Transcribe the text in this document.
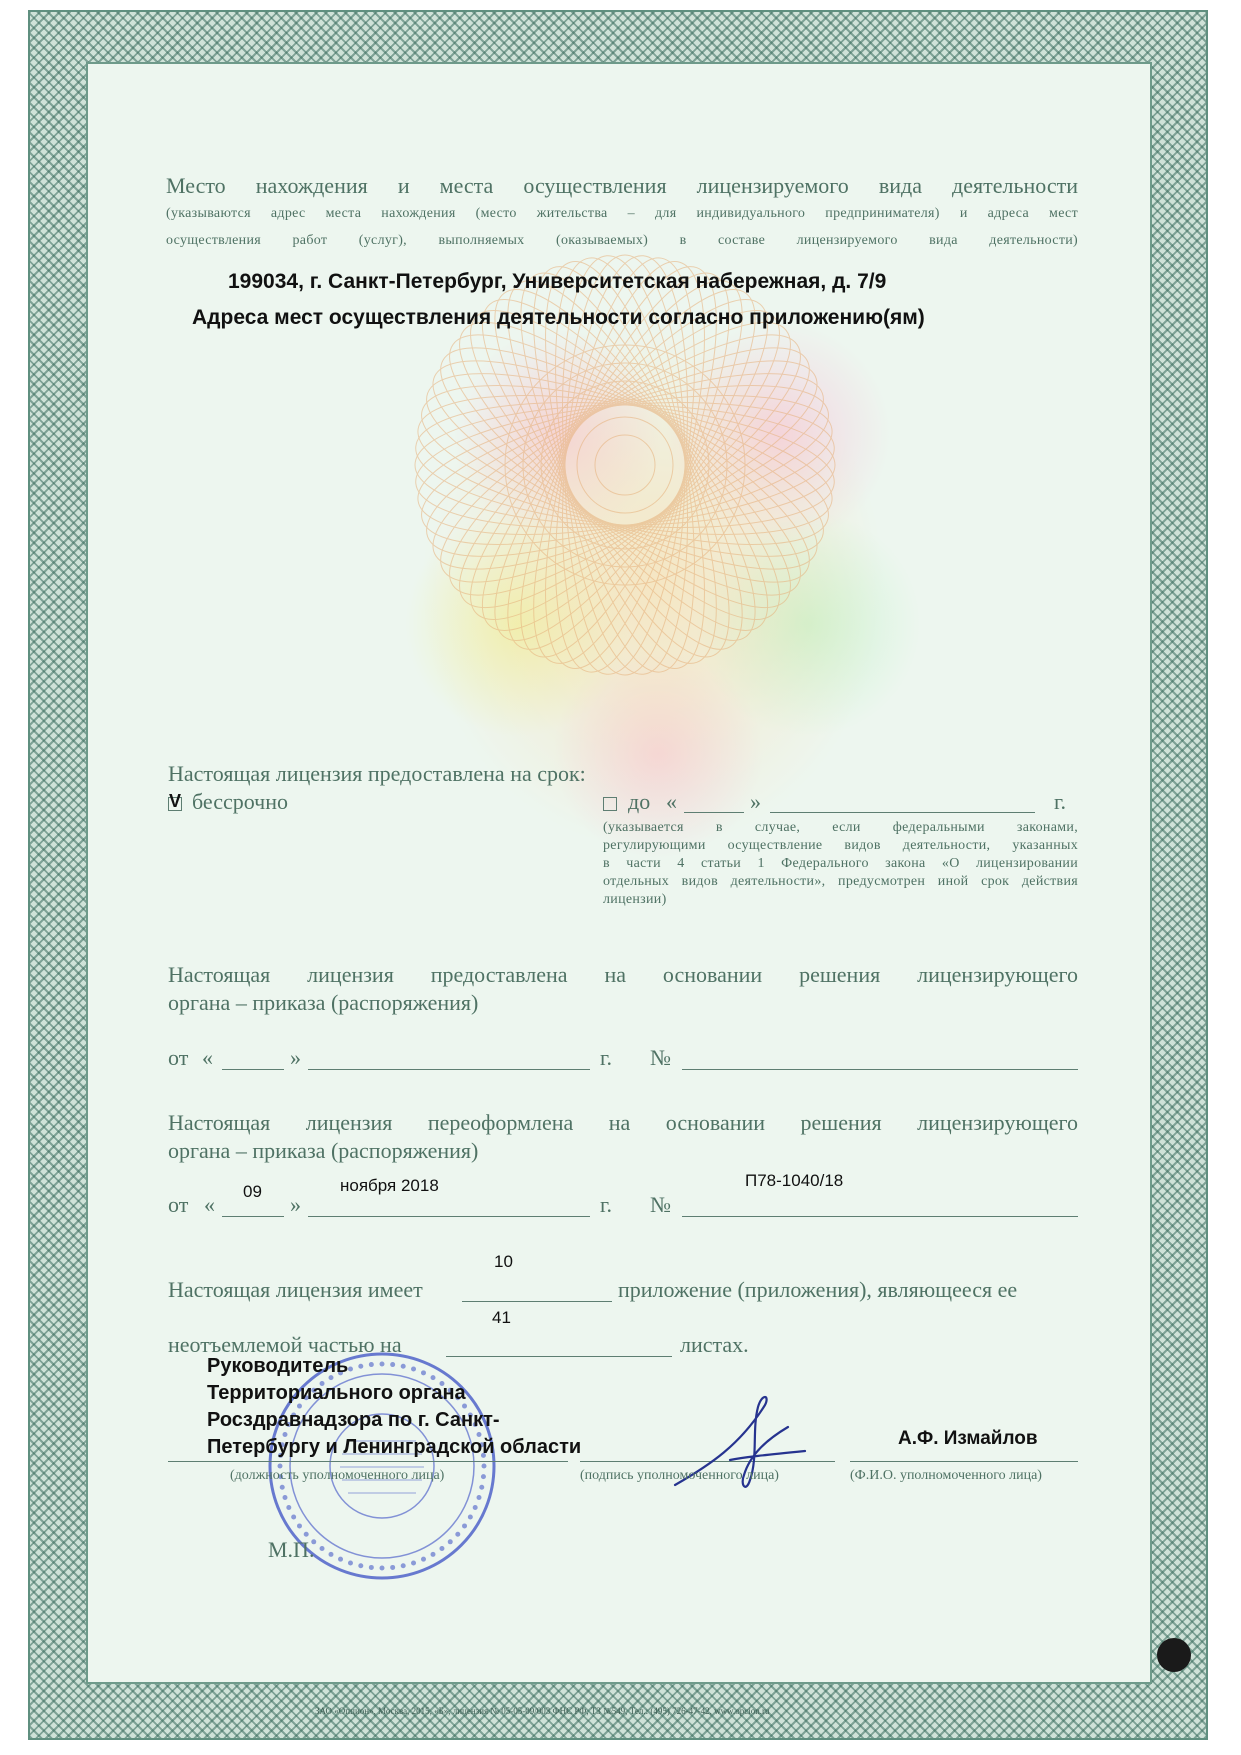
Место нахождения и места осуществления лицензируемого вида деятельности
(указываются адрес места нахождения (место жительства – для индивидуального предпринимателя) и адреса мест
осуществления работ (услуг), выполняемых (оказываемых) в составе лицензируемого вида деятельности)
199034, г. Санкт-Петербург, Университетская набережная, д. 7/9
Адреса мест осуществления деятельности согласно приложению(ям)
Настоящая лицензия предоставлена на срок:
V бессрочно	до «	»	г.
(указывается в случае, если федеральными законами,
регулирующими осуществление видов деятельности, указанных
в части 4 статьи 1 Федерального закона «О лицензировании
отдельных видов деятельности», предусмотрен иной срок действия
лицензии)
Настоящая лицензия предоставлена на основании решения лицензирующего
органа – приказа (распоряжения)
от «	»	г. №
Настоящая лицензия переоформлена на основании решения лицензирующего
органа – приказа (распоряжения)
09	ноября 2018	П78-1040/18
от «	»	г. №
10
Настоящая лицензия имеет	приложение (приложения), являющееся ее
41
неотъемлемой частью на	листах.
Руководитель
Территориального органа
Росздравнадзора по г. Санкт-
Петербургу и Ленинградской области	А.Ф. Измайлов
(должность уполномоченного лица)	(подпись уполномоченного лица)	(Ф.И.О. уполномоченного лица)
М.П.
ЗАО «Опцион», Москва, 2015, «Б», лицензия № 05-05-09/003 ФНС РФ, ТЗ №549, Тел.: (495) 726-47-42, www.opcion.ru
